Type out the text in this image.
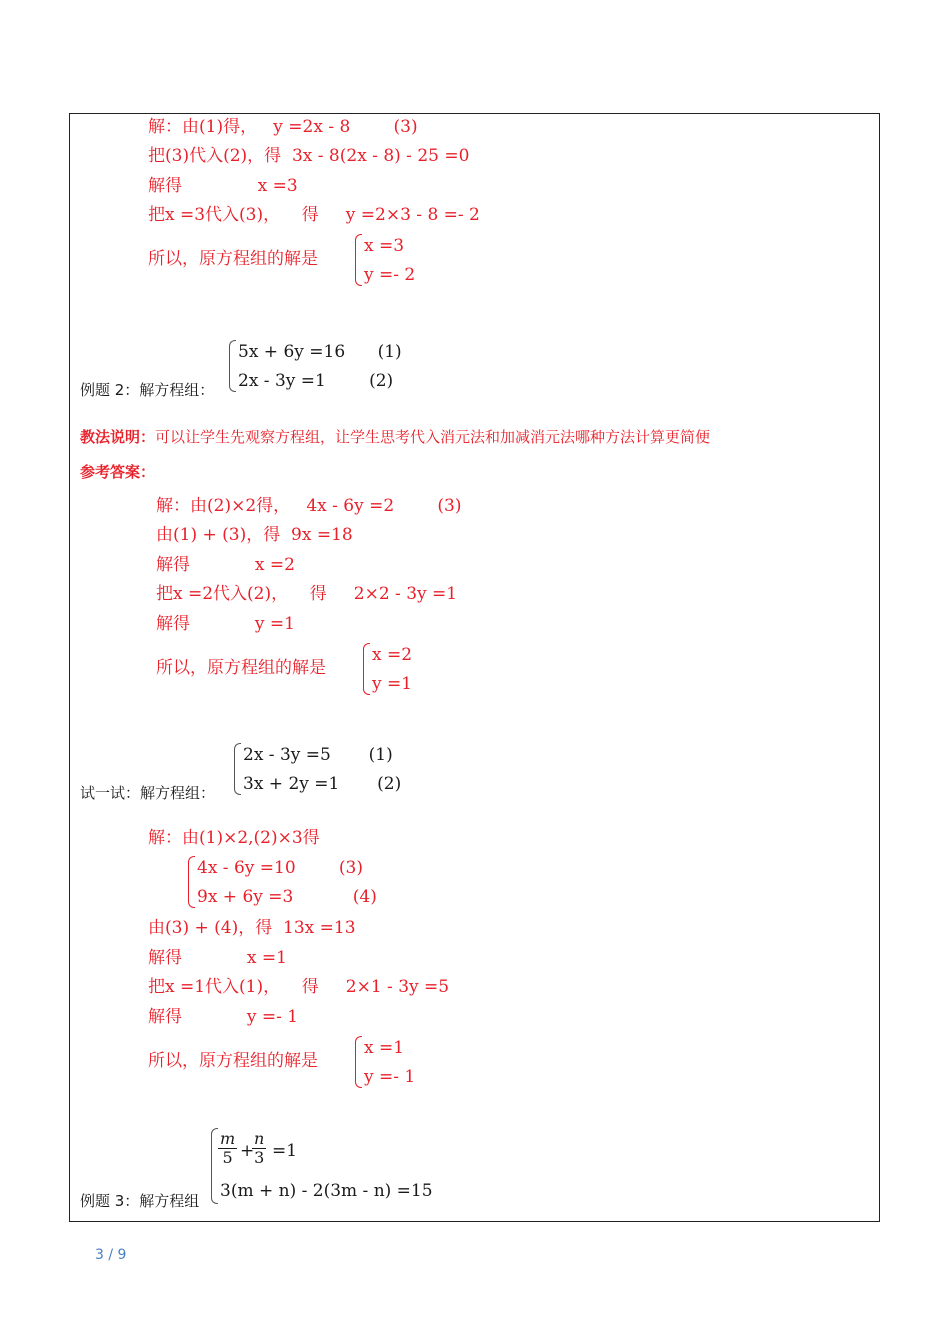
解：由(1)得，   y =2x - 8        (3)
把(3)代入(2)，得  3x - 8(2x - 8) - 25 =0
解得              x =3
把x =3代入(3)，    得     y =2×3 - 8 =- 2
所以，原方程组的解是
x =3
y =- 2
例题 2：解方程组：
5x + 6y =16      (1)
2x - 3y =1        (2)
教法说明：可以让学生先观察方程组，让学生思考代入消元法和加减消元法哪种方法计算更简便
参考答案：
解：由(2)×2得，   4x - 6y =2        (3)
由(1) + (3)，得  9x =18
解得            x =2
把x =2代入(2)，    得     2×2 - 3y =1
解得            y =1
所以，原方程组的解是
x =2
y =1
试一试：解方程组：
2x - 3y =5       (1)
3x + 2y =1       (2)
解：由(1)×2,(2)×3得
4x - 6y =10        (3)
9x + 6y =3           (4)
由(3) + (4)，得  13x =13
解得            x =1
把x =1代入(1)，    得     2×1 - 3y =5
解得            y =- 1
所以，原方程组的解是
x =1
y =- 1
例题 3：解方程组
$\frac{m}{5}$ +
$\frac{n}{3} =1$
3(m + n) - 2(3m - n) =15
3 / 9
